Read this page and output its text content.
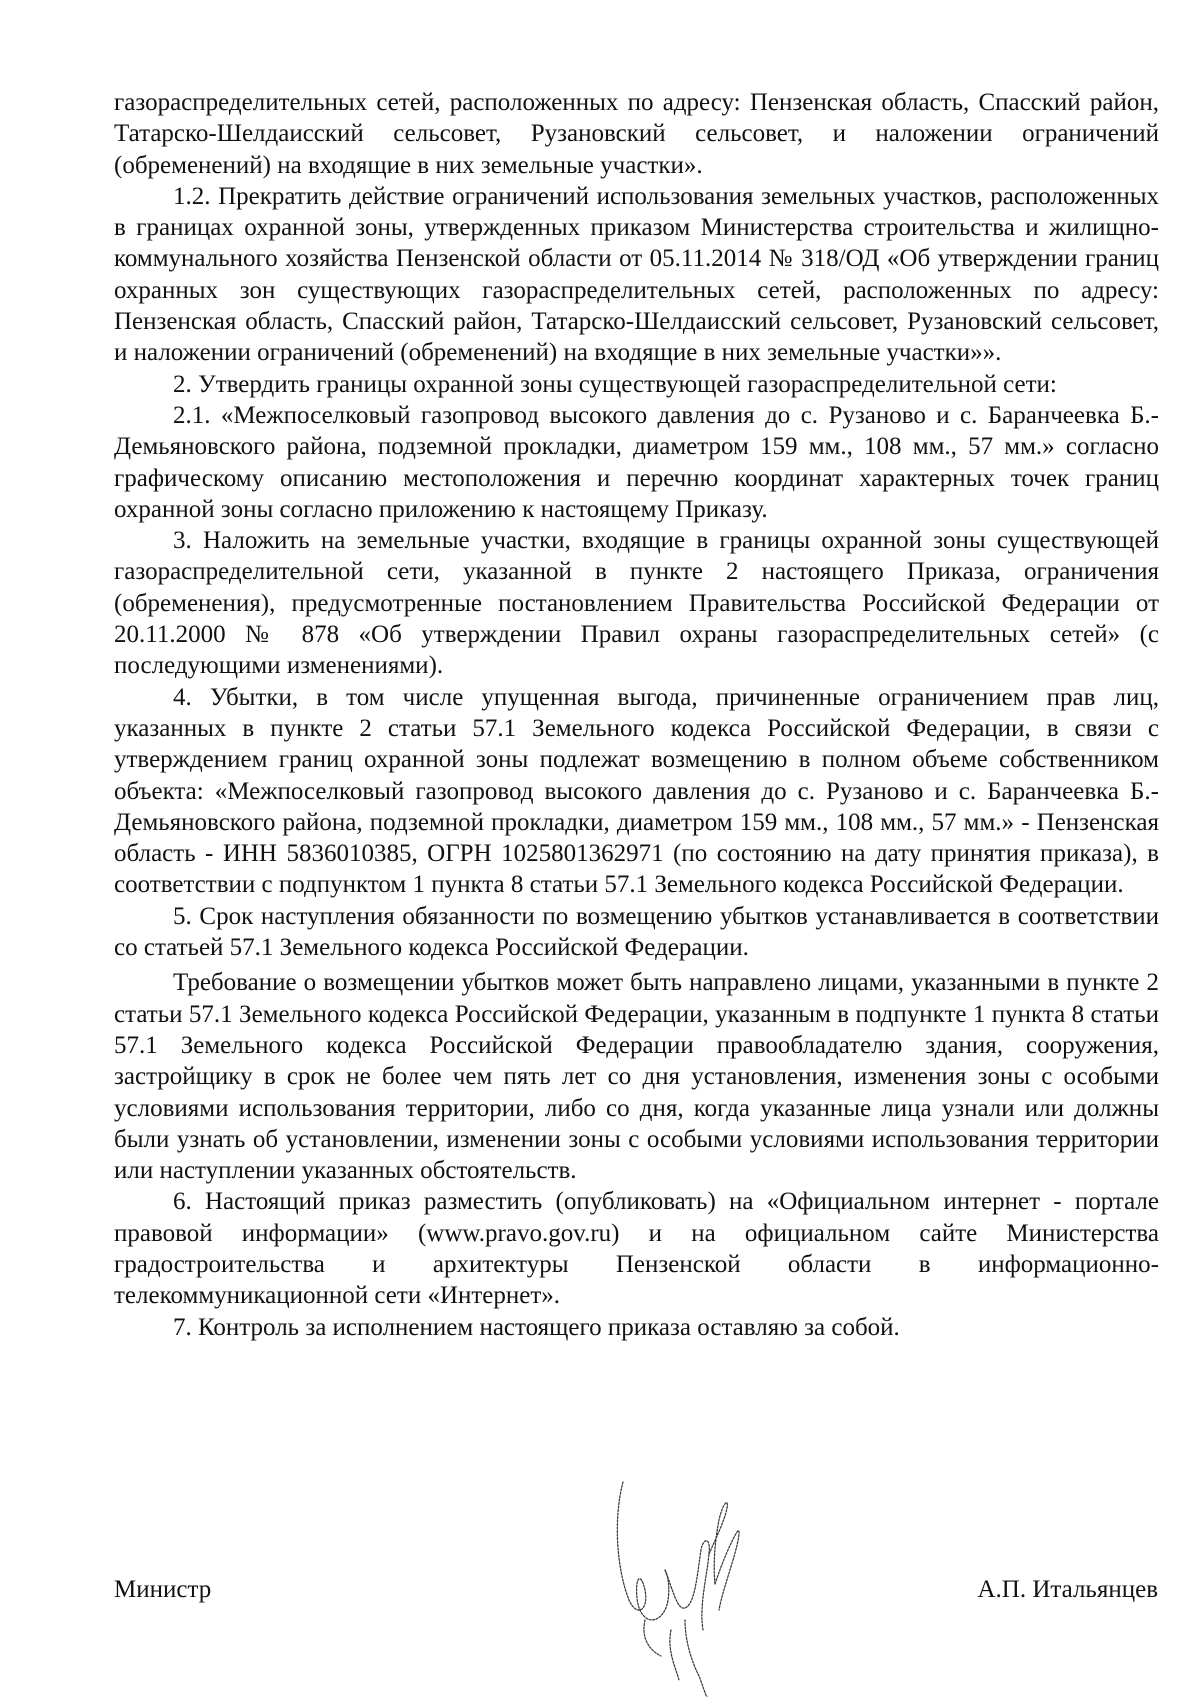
газораспределительных сетей, расположенных по адресу: Пензенская область, Спасский район, Татарско-Шелдаисский сельсовет, Рузановский сельсовет, и наложении ограничений (обременений) на входящие в них земельные участки».

1.2. Прекратить действие ограничений использования земельных участков, расположенных в границах охранной зоны, утвержденных приказом Министерства строительства и жилищно-коммунального хозяйства Пензенской области от 05.11.2014 № 318/ОД «Об утверждении границ охранных зон существующих газораспределительных сетей, расположенных по адресу: Пензенская область, Спасский район, Татарско-Шелдаисский сельсовет, Рузановский сельсовет, и наложении ограничений (обременений) на входящие в них земельные участки»».

2. Утвердить границы охранной зоны существующей газораспределительной сети:

2.1. «Межпоселковый газопровод высокого давления до с. Рузаново и с. Баранчеевка Б.-Демьяновского района, подземной прокладки, диаметром 159 мм., 108 мм., 57 мм.» согласно графическому описанию местоположения и перечню координат характерных точек границ охранной зоны согласно приложению к настоящему Приказу.

3. Наложить на земельные участки, входящие в границы охранной зоны существующей газораспределительной сети, указанной в пункте 2 настоящего Приказа, ограничения (обременения), предусмотренные постановлением Правительства Российской Федерации от 20.11.2000 № 878 «Об утверждении Правил охраны газораспределительных сетей» (с последующими изменениями).

4. Убытки, в том числе упущенная выгода, причиненные ограничением прав лиц, указанных в пункте 2 статьи 57.1 Земельного кодекса Российской Федерации, в связи с утверждением границ охранной зоны подлежат возмещению в полном объеме собственником объекта: «Межпоселковый газопровод высокого давления до с. Рузаново и с. Баранчеевка Б.-Демьяновского района, подземной прокладки, диаметром 159 мм., 108 мм., 57 мм.» - Пензенская область - ИНН 5836010385, ОГРН 1025801362971 (по состоянию на дату принятия приказа), в соответствии с подпунктом 1 пункта 8 статьи 57.1 Земельного кодекса Российской Федерации.

5. Срок наступления обязанности по возмещению убытков устанавливается в соответствии со статьей 57.1 Земельного кодекса Российской Федерации.

Требование о возмещении убытков может быть направлено лицами, указанными в пункте 2 статьи 57.1 Земельного кодекса Российской Федерации, указанным в подпункте 1 пункта 8 статьи 57.1 Земельного кодекса Российской Федерации правообладателю здания, сооружения, застройщику в срок не более чем пять лет со дня установления, изменения зоны с особыми условиями использования территории, либо со дня, когда указанные лица узнали или должны были узнать об установлении, изменении зоны с особыми условиями использования территории или наступлении указанных обстоятельств.

6. Настоящий приказ разместить (опубликовать) на «Официальном интернет - портале правовой информации» (www.pravo.gov.ru) и на официальном сайте Министерства градостроительства и архитектуры Пензенской области в информационно-телекоммуникационной сети «Интернет».

7. Контроль за исполнением настоящего приказа оставляю за собой.

Министр	А.П. Итальянцев
